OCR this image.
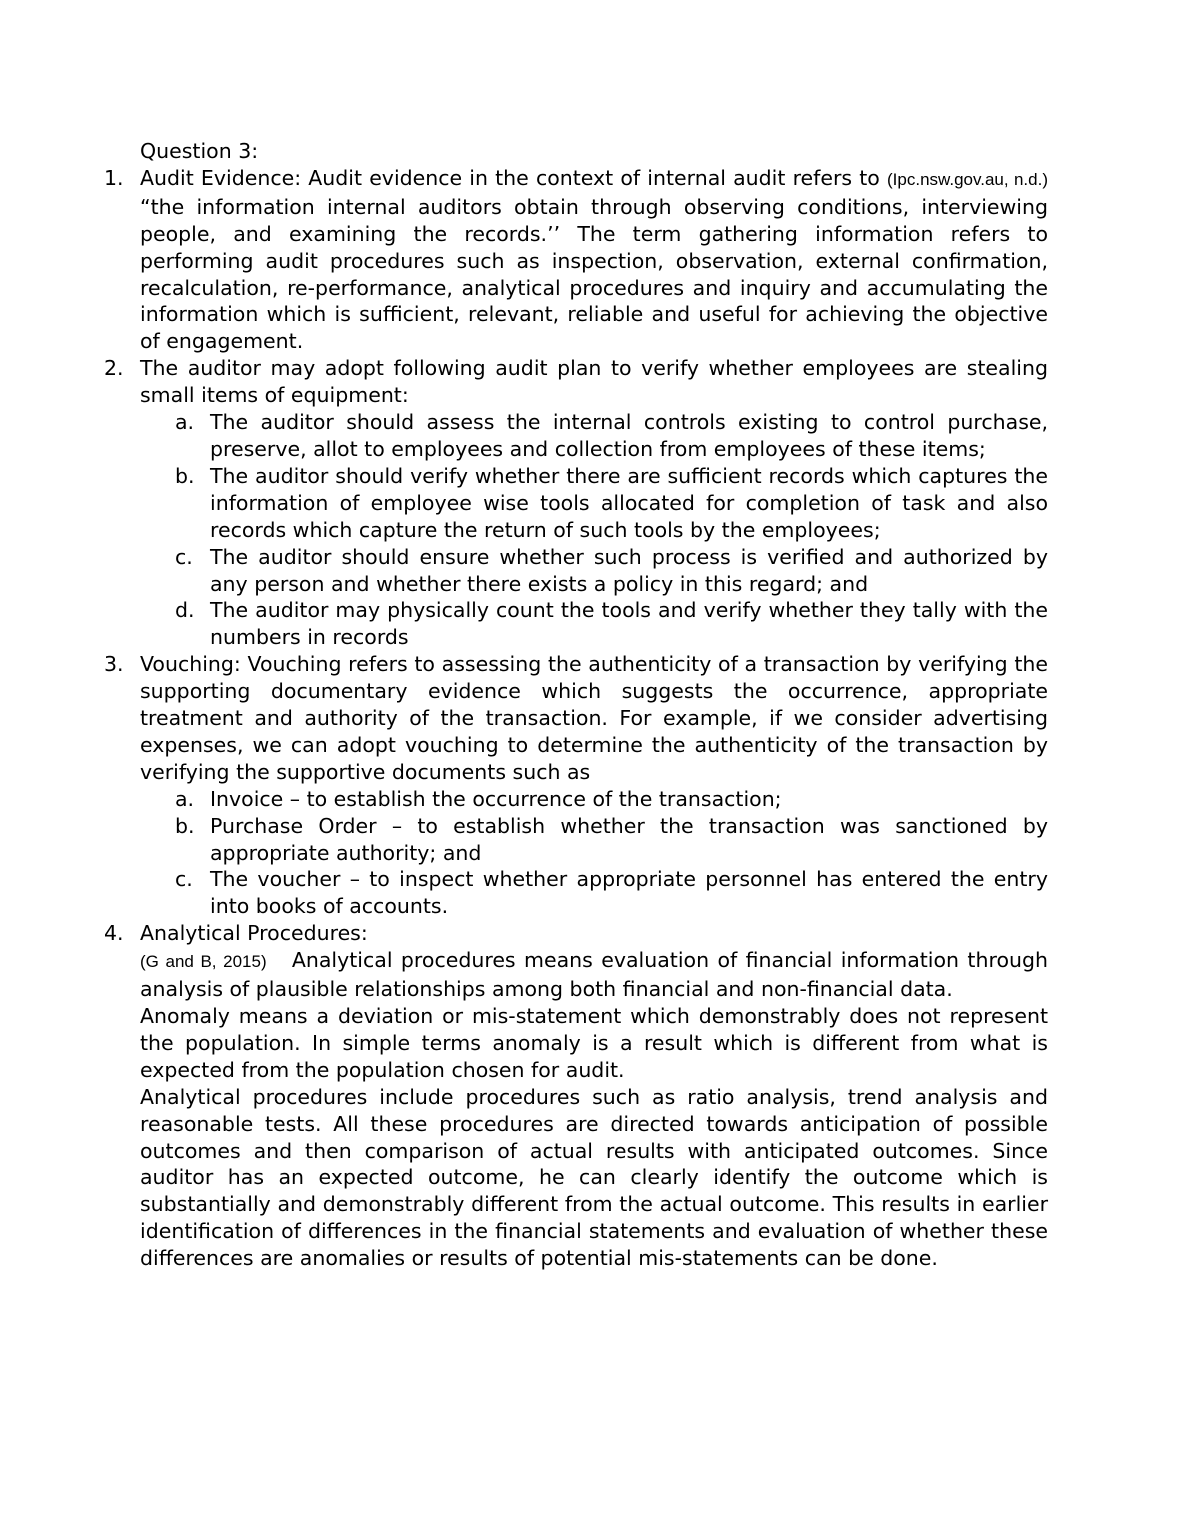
Question 3:

1. Audit Evidence: Audit evidence in the context of internal audit refers to (Ipc.nsw.gov.au, n.d.) “the information internal auditors obtain through observing conditions, interviewing people, and examining the records.’’ The term gathering information refers to performing audit procedures such as inspection, observation, external confirmation, recalculation, re-performance, analytical procedures and inquiry and accumulating the information which is sufficient, relevant, reliable and useful for achieving the objective of engagement.

2. The auditor may adopt following audit plan to verify whether employees are stealing small items of equipment:

a. The auditor should assess the internal controls existing to control purchase, preserve, allot to employees and collection from employees of these items;

b. The auditor should verify whether there are sufficient records which captures the information of employee wise tools allocated for completion of task and also records which capture the return of such tools by the employees;

c. The auditor should ensure whether such process is verified and authorized by any person and whether there exists a policy in this regard; and

d. The auditor may physically count the tools and verify whether they tally with the numbers in records

3. Vouching: Vouching refers to assessing the authenticity of a transaction by verifying the supporting documentary evidence which suggests the occurrence, appropriate treatment and authority of the transaction. For example, if we consider advertising expenses, we can adopt vouching to determine the authenticity of the transaction by verifying the supportive documents such as

a. Invoice – to establish the occurrence of the transaction;

b. Purchase Order – to establish whether the transaction was sanctioned by appropriate authority; and

c. The voucher – to inspect whether appropriate personnel has entered the entry into books of accounts.

4. Analytical Procedures:

(G and B, 2015) Analytical procedures means evaluation of financial information through analysis of plausible relationships among both financial and non-financial data.

Anomaly means a deviation or mis-statement which demonstrably does not represent the population. In simple terms anomaly is a result which is different from what is expected from the population chosen for audit.

Analytical procedures include procedures such as ratio analysis, trend analysis and reasonable tests. All these procedures are directed towards anticipation of possible outcomes and then comparison of actual results with anticipated outcomes. Since auditor has an expected outcome, he can clearly identify the outcome which is substantially and demonstrably different from the actual outcome. This results in earlier identification of differences in the financial statements and evaluation of whether these differences are anomalies or results of potential mis-statements can be done.
